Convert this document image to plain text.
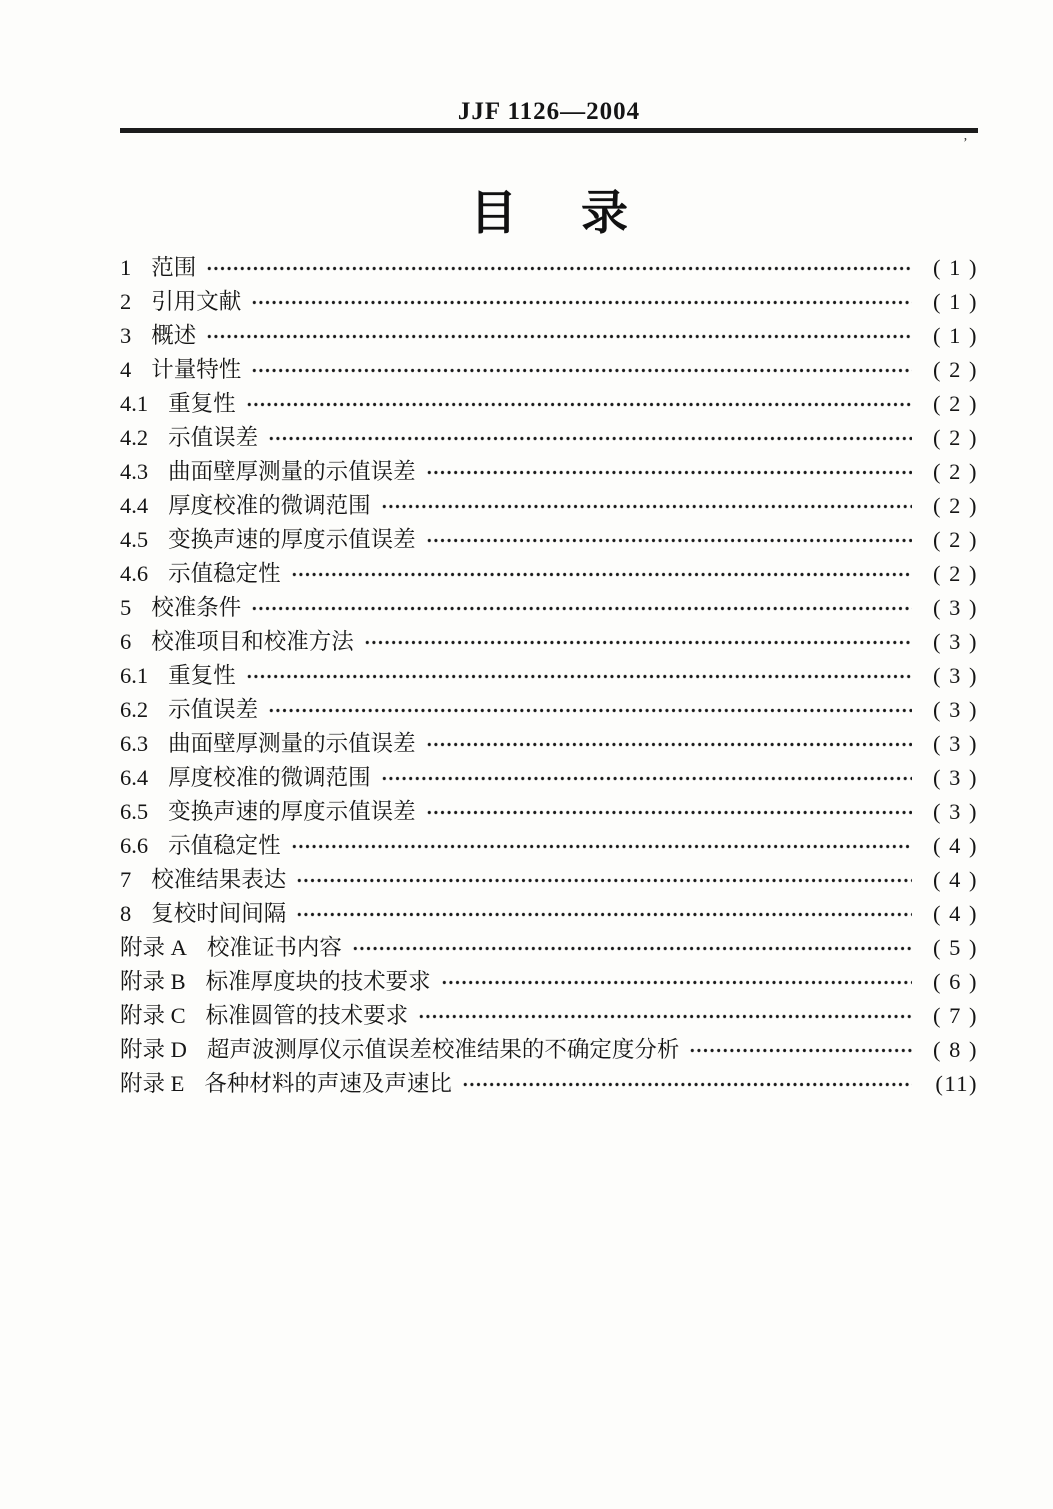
JJF 1126—2004
’
目 录
1 范围	( 1 )
2 引用文献	( 1 )
3 概述	( 1 )
4 计量特性	( 2 )
4.1 重复性	( 2 )
4.2 示值误差	( 2 )
4.3 曲面壁厚测量的示值误差	( 2 )
4.4 厚度校准的微调范围	( 2 )
4.5 变换声速的厚度示值误差	( 2 )
4.6 示值稳定性	( 2 )
5 校准条件	( 3 )
6 校准项目和校准方法	( 3 )
6.1 重复性	( 3 )
6.2 示值误差	( 3 )
6.3 曲面壁厚测量的示值误差	( 3 )
6.4 厚度校准的微调范围	( 3 )
6.5 变换声速的厚度示值误差	( 3 )
6.6 示值稳定性	( 4 )
7 校准结果表达	( 4 )
8 复校时间间隔	( 4 )
附录 A 校准证书内容	( 5 )
附录 B 标准厚度块的技术要求	( 6 )
附录 C 标准圆管的技术要求	( 7 )
附录 D 超声波测厚仪示值误差校准结果的不确定度分析	( 8 )
附录 E 各种材料的声速及声速比	(11)
